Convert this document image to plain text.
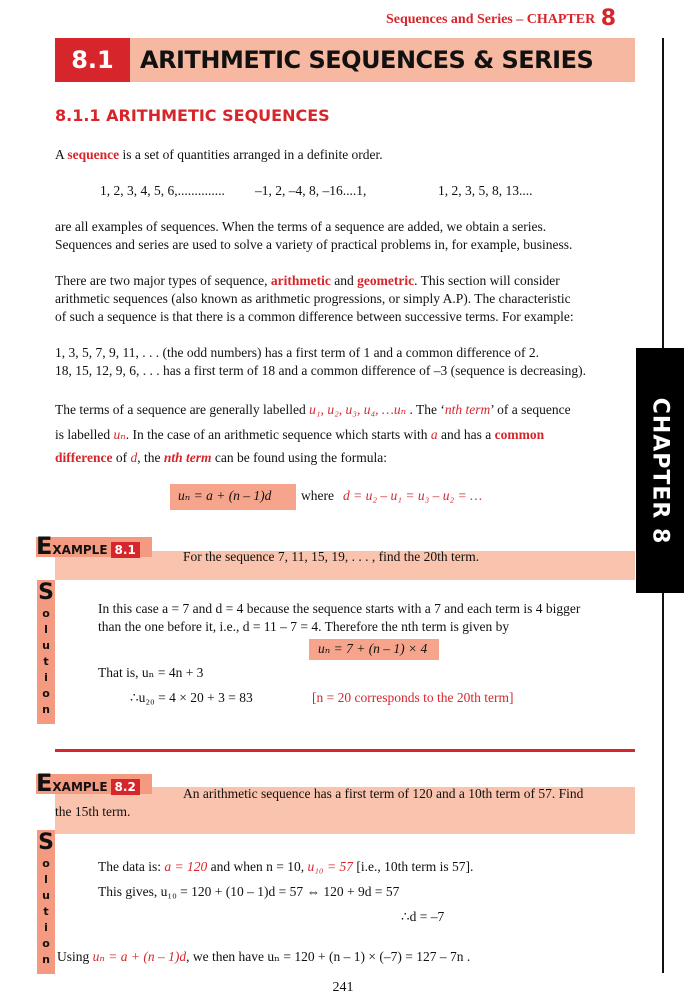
Sequences and Series – CHAPTER 8
8.1	ARITHMETIC SEQUENCES & SERIES
8.1.1 ARITHMETIC SEQUENCES
CHAPTER 8
A sequence is a set of quantities arranged in a definite order.
1, 2, 3, 4, 5, 6,.............. –1, 2, –4, 8, –16....1,	1, 2, 3, 5, 8, 13....
are all examples of sequences. When the terms of a sequence are added, we obtain a series.
Sequences and series are used to solve a variety of practical problems in, for example, business.
There are two major types of sequence, arithmetic and geometric. This section will consider
arithmetic sequences (also known as arithmetic progressions, or simply A.P). The characteristic
of such a sequence is that there is a common difference between successive terms. For example:
1, 3, 5, 7, 9, 11, . . . (the odd numbers) has a first term of 1 and a common difference of 2.
18, 15, 12, 9, 6, . . . has a first term of 18 and a common difference of –3 (sequence is decreasing).
The terms of a sequence are generally labelled u₁, u₂, u₃, u₄, …uₙ . The ‘nth term’ of a sequence
is labelled uₙ. In the case of an arithmetic sequence which starts with a and has a common
difference of d, the nth term can be found using the formula:
uₙ = a + (n – 1)d where d = u₂ – u₁ = u₃ – u₂ = …
EXAMPLE 8.1	For the sequence 7, 11, 15, 19, . . . , find the 20th term.
S
o
l
u
t
i
o
n
In this case a = 7 and d = 4 because the sequence starts with a 7 and each term is 4 bigger
than the one before it, i.e., d = 11 – 7 = 4. Therefore the nth term is given by
uₙ = 7 + (n – 1) × 4
That is, uₙ = 4n + 3
∴u₂₀ = 4 × 20 + 3 = 83	[n = 20 corresponds to the 20th term]
EXAMPLE 8.2	An arithmetic sequence has a first term of 120 and a 10th term of 57. Find
the 15th term.
S
o
l
u
t
i
o
n
The data is: a = 120 and when n = 10, u₁₀ = 57 [i.e., 10th term is 57].
This gives, u₁₀ = 120 + (10 – 1)d = 57 ⇔ 120 + 9d = 57
∴d = –7
Using uₙ = a + (n – 1)d, we then have uₙ = 120 + (n – 1) × (–7) = 127 – 7n .
241
